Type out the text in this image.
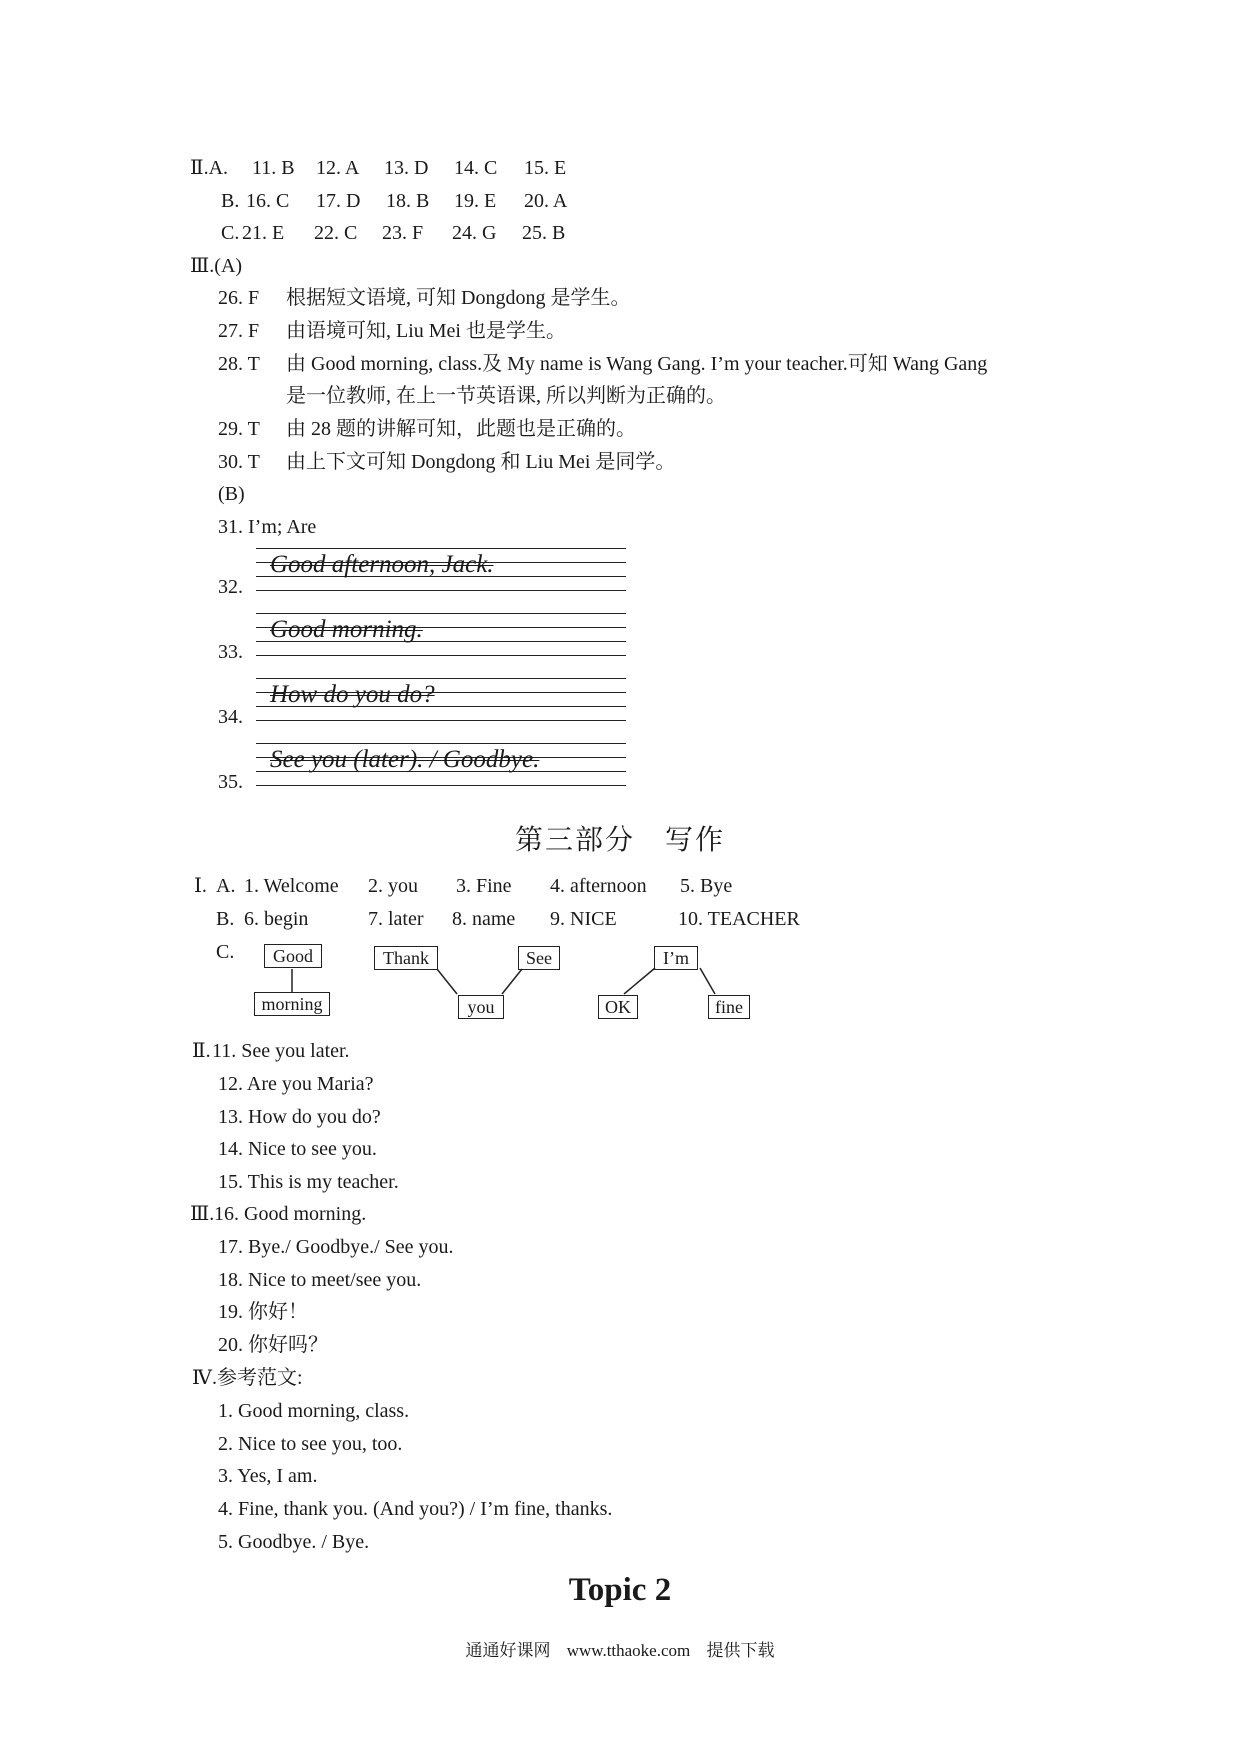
Ⅱ.A. 11. B 12. A 13. D 14. C 15. E
B. 16. C 17. D 18. B 19. E 20. A
C. 21. E 22. C 23. F 24. G 25. B
Ⅲ.(A)
26. F 根据短文语境, 可知 Dongdong 是学生。
27. F 由语境可知, Liu Mei 也是学生。
28. T 由 Good morning, class.及 My name is Wang Gang. I’m your teacher.可知 Wang Gang
是一位教师, 在上一节英语课, 所以判断为正确的。
29. T 由 28 题的讲解可知，此题也是正确的。
30. T 由上下文可知 Dongdong 和 Liu Mei 是同学。
(B)
31. I’m; Are
Good afternoon, Jack.
32.
Good morning.
33.
How do you do?
34.
See you (later). / Goodbye.
35.
第三部分　写作
Ⅰ. A. 1. Welcome 2. you 3. Fine 4. afternoon 5. Bye
B. 6. begin	7. later 8. name 9. NICE	10. TEACHER
C.	Good
morning
Thank
you
See	I’m
OK	fine
Ⅱ. 11. See you later.
12. Are you Maria?
13. How do you do?
14. Nice to see you.
15. This is my teacher.
Ⅲ. 16. Good morning.
17. Bye./ Goodbye./ See you.
18. Nice to meet/see you.
19. 你好！
20. 你好吗？
Ⅳ.参考范文:
1. Good morning, class.
2. Nice to see you, too.
3. Yes, I am.
4. Fine, thank you. (And you?) / I’m fine, thanks.
5. Goodbye. / Bye.
Topic 2
通通好课网 www.tthaoke.com 提供下载
